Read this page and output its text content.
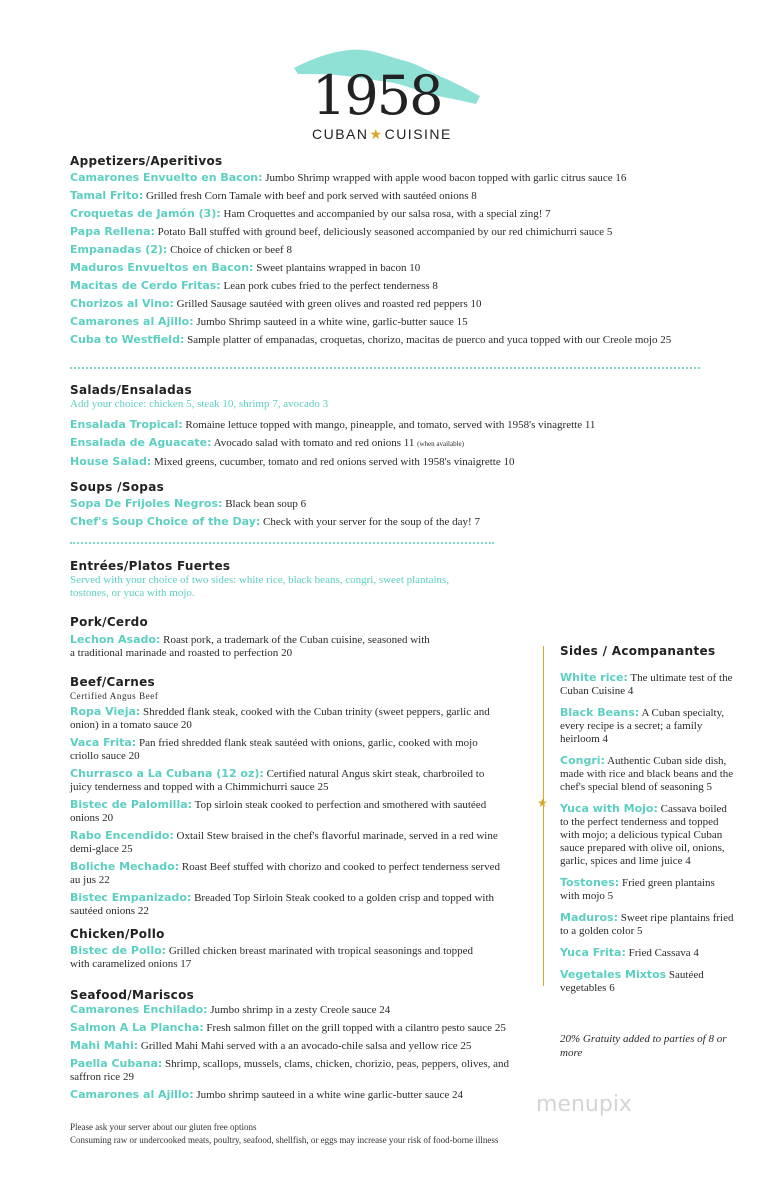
1958
CUBAN★CUISINE
Appetizers/Aperitivos
Camarones Envuelto en Bacon: Jumbo Shrimp wrapped with apple wood bacon topped with garlic citrus sauce 16
Tamal Frito: Grilled fresh Corn Tamale with beef and pork served with sautéed onions 8
Croquetas de Jamón (3): Ham Croquettes and accompanied by our salsa rosa, with a special zing! 7
Papa Rellena: Potato Ball stuffed with ground beef, deliciously seasoned accompanied by our red chimichurri sauce 5
Empanadas (2): Choice of chicken or beef 8
Maduros Envueltos en Bacon: Sweet plantains wrapped in bacon 10
Macitas de Cerdo Fritas: Lean pork cubes fried to the perfect tenderness 8
Chorizos al Vino: Grilled Sausage sautéed with green olives and roasted red peppers 10
Camarones al Ajillo: Jumbo Shrimp sauteed in a white wine, garlic-butter sauce 15
Cuba to Westfield: Sample platter of empanadas, croquetas, chorizo, macitas de puerco and yuca topped with our Creole mojo 25
Salads/Ensaladas
Add your choice: chicken 5, steak 10, shrimp 7, avocado 3
Ensalada Tropical: Romaine lettuce topped with mango, pineapple, and tomato, served with 1958's vinagrette 11
Ensalada de Aguacate: Avocado salad with tomato and red onions 11 (when available)
House Salad: Mixed greens, cucumber, tomato and red onions served with 1958's vinaigrette 10
Soups /Sopas
Sopa De Frijoles Negros: Black bean soup 6
Chef's Soup Choice of the Day: Check with your server for the soup of the day! 7
Entrées/Platos Fuertes
Served with your choice of two sides: white rice, black beans, congri, sweet plantains,
tostones, or yuca with mojo.
Pork/Cerdo
Lechon Asado: Roast pork, a trademark of the Cuban cuisine, seasoned with a traditional marinade and roasted to perfection 20
Beef/Carnes
Certified Angus Beef
Ropa Vieja: Shredded flank steak, cooked with the Cuban trinity (sweet peppers, garlic and onion) in a tomato sauce 20
Vaca Frita: Pan fried shredded flank steak sautéed with onions, garlic, cooked with mojo criollo sauce 20
Churrasco a La Cubana (12 oz): Certified natural Angus skirt steak, charbroiled to juicy tenderness and topped with a Chimmichurri sauce 25
Bistec de Palomilla: Top sirloin steak cooked to perfection and smothered with sautéed onions 20
Rabo Encendido: Oxtail Stew braised in the chef's flavorful marinade, served in a red wine demi-glace 25
Boliche Mechado: Roast Beef stuffed with chorizo and cooked to perfect tenderness served au jus 22
Bistec Empanizado: Breaded Top Sirloin Steak cooked to a golden crisp and topped with sautéed onions 22
Chicken/Pollo
Bistec de Pollo: Grilled chicken breast marinated with tropical seasonings and topped with caramelized onions 17
Seafood/Mariscos
Camarones Enchilado: Jumbo shrimp in a zesty Creole sauce 24
Salmon A La Plancha: Fresh salmon fillet on the grill topped with a cilantro pesto sauce 25
Mahi Mahi: Grilled Mahi Mahi served with a an avocado-chile salsa and yellow rice 25
Paella Cubana: Shrimp, scallops, mussels, clams, chicken, chorizio, peas, peppers, olives, and saffron rice 29
Camarones al Ajillo: Jumbo shrimp sauteed in a white wine garlic-butter sauce 24
★
Sides / Acompanantes
White rice: The ultimate test of the Cuban Cuisine 4
Black Beans: A Cuban specialty, every recipe is a secret; a family heirloom 4
Congri: Authentic Cuban side dish, made with rice and black beans and the chef's special blend of seasoning 5
Yuca with Mojo: Cassava boiled to the perfect tenderness and topped with mojo; a delicious typical Cuban sauce prepared with olive oil, onions, garlic, spices and lime juice 4
Tostones: Fried green plantains with mojo 5
Maduros: Sweet ripe plantains fried to a golden color 5
Yuca Frita: Fried Cassava 4
Vegetales Mixtos Sautéed vegetables 6
20% Gratuity added to parties of 8 or more
menupix
Please ask your server about our gluten free options
Consuming raw or undercooked meats, poultry, seafood, shellfish, or eggs may increase your risk of food-borne illness
